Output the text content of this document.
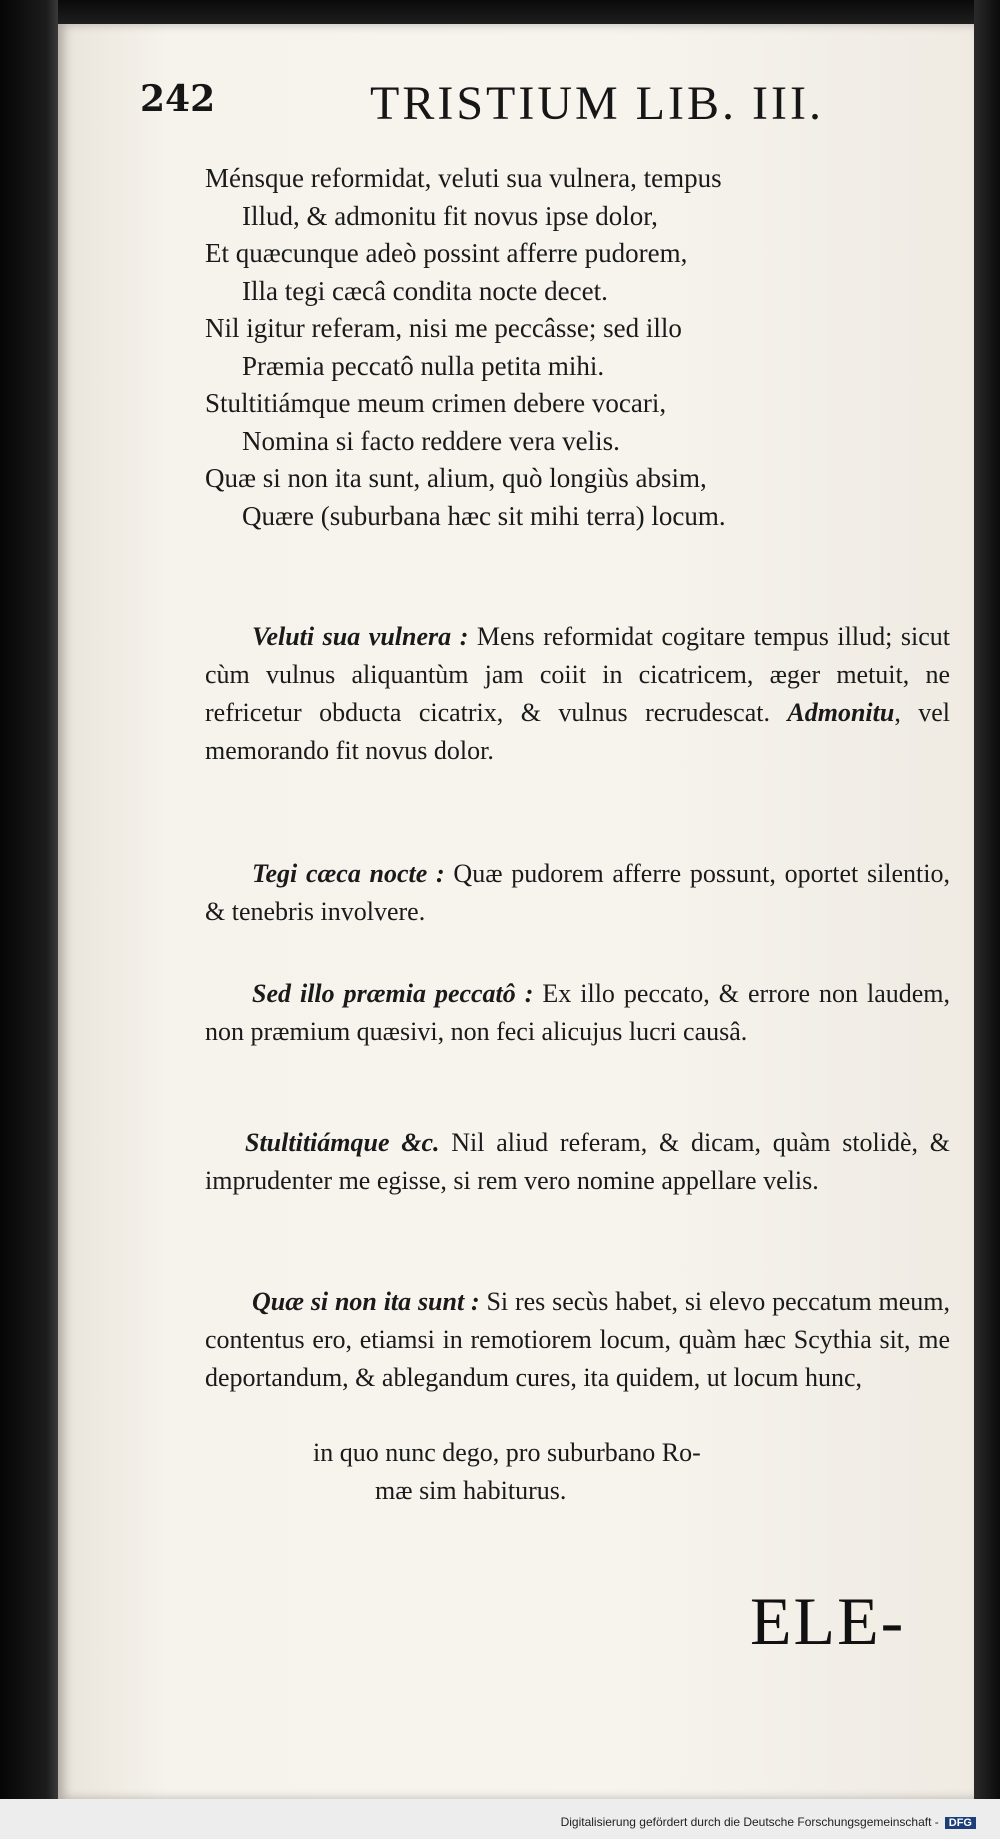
242	TRISTIUM LIB. III.
Ménsque reformidat, veluti sua vulnera, tempus
Illud, & admonitu fit novus ipse dolor,
Et quæcunque adeò possint afferre pudorem,
Illa tegi cæcâ condita nocte decet.
Nil igitur referam, nisi me peccâsse; sed illo
Præmia peccatô nulla petita mihi.
Stultitiámque meum crimen debere vocari,
Nomina si facto reddere vera velis.
Quæ si non ita sunt, alium, quò longiùs absim,
Quære (suburbana hæc sit mihi terra) locum.

Veluti sua vulnera : Mens reformidat cogitare tempus illud; sicut cùm vulnus aliquantùm jam coiit in cicatricem, æger metuit, ne refricetur obducta cicatrix, & vulnus recrudescat. Admonitu, vel memorando fit novus dolor.

Tegi cæca nocte : Quæ pudorem afferre possunt, oportet silentio, & tenebris involvere.

Sed illo præmia peccatô : Ex illo peccato, & errore non laudem, non præmium quæsivi, non feci alicujus lucri causâ.

Stultitiámque &c. Nil aliud referam, & dicam, quàm stolidè, & imprudenter me egisse, si rem vero nomine appellare velis.

Quæ si non ita sunt : Si res secùs habet, si elevo peccatum meum, contentus ero, etiamsi in remotiorem locum, quàm hæc Scythia sit, me deportandum, & ablegandum cures, ita quidem, ut locum hunc,

in quo nunc dego, pro suburbano Ro-
mæ sim habiturus.
ELE-
Digitalisierung gefördert durch die Deutsche Forschungsgemeinschaft - DFG
